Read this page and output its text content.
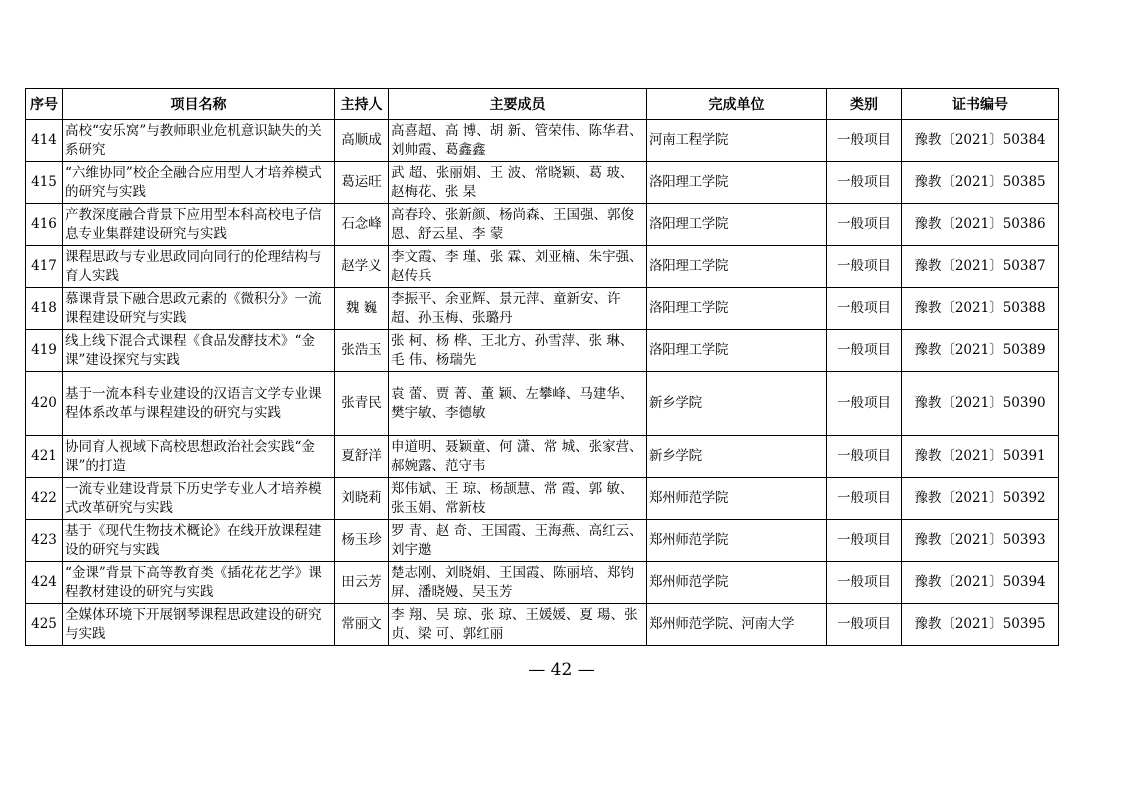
序号	项目名称	主持人	主要成员	完成单位	类别	证书编号
414	高校“安乐窝”与教师职业危机意识缺失的关系研究	高顺成	高喜超、高 博、胡 新、管荣伟、陈华君、刘帅霞、葛鑫鑫	河南工程学院	一般项目	豫教〔2021〕50384
415	“六维协同”校企全融合应用型人才培养模式的研究与实践	葛运旺	武 超、张丽娟、王 波、常晓颖、葛 玻、赵梅花、张 杲	洛阳理工学院	一般项目	豫教〔2021〕50385
416	产教深度融合背景下应用型本科高校电子信息专业集群建设研究与实践	石念峰	高春玲、张新颜、杨尚森、王国强、郭俊恩、舒云星、李 蒙	洛阳理工学院	一般项目	豫教〔2021〕50386
417	课程思政与专业思政同向同行的伦理结构与育人实践	赵学义	李文霞、李 瑾、张 霖、刘亚楠、朱宇强、赵传兵	洛阳理工学院	一般项目	豫教〔2021〕50387
418	慕课背景下融合思政元素的《微积分》一流课程建设研究与实践	魏 巍	李振平、余亚辉、景元萍、童新安、许 超、孙玉梅、张璐丹	洛阳理工学院	一般项目	豫教〔2021〕50388
419	线上线下混合式课程《食品发酵技术》“金课”建设探究与实践	张浩玉	张 柯、杨 桦、王北方、孙雪萍、张 琳、毛 伟、杨瑞先	洛阳理工学院	一般项目	豫教〔2021〕50389
420	基于一流本科专业建设的汉语言文学专业课程体系改革与课程建设的研究与实践	张青民	袁 蕾、贾 菁、董 颖、左攀峰、马建华、樊宇敏、李德敏	新乡学院	一般项目	豫教〔2021〕50390
421	协同育人视域下高校思想政治社会实践“金课”的打造	夏舒洋	申道明、聂颖童、何 潇、常 城、张家营、郝婉露、范守韦	新乡学院	一般项目	豫教〔2021〕50391
422	一流专业建设背景下历史学专业人才培养模式改革研究与实践	刘晓莉	郑伟斌、王 琼、杨颉慧、常 霞、郭 敏、张玉娟、常新枝	郑州师范学院	一般项目	豫教〔2021〕50392
423	基于《现代生物技术概论》在线开放课程建设的研究与实践	杨玉珍	罗 青、赵 奇、王国霞、王海燕、高红云、刘宇邀	郑州师范学院	一般项目	豫教〔2021〕50393
424	“金课”背景下高等教育类《插花花艺学》课程教材建设的研究与实践	田云芳	楚志刚、刘晓娟、王国霞、陈丽培、郑钧屏、潘晓嫚、吴玉芳	郑州师范学院	一般项目	豫教〔2021〕50394
425	全媒体环境下开展钢琴课程思政建设的研究与实践	常丽文	李 翔、吴 琼、张 琼、王媛媛、夏 瑒、张 贞、梁 可、郭红丽	郑州师范学院、河南大学	一般项目	豫教〔2021〕50395
— 42 —
